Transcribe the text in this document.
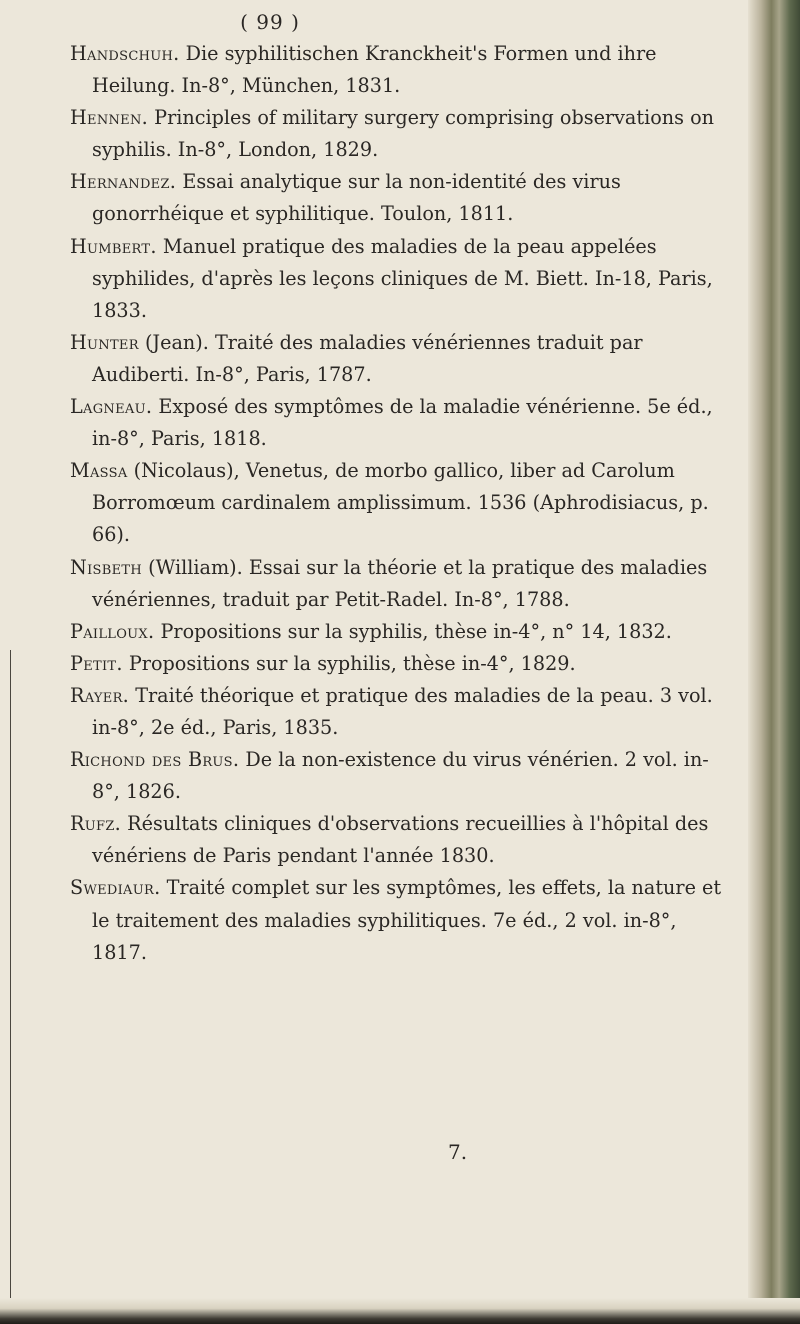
( 99 )

Handschuh. Die syphilitischen Kranckheit's Formen und ihre Heilung. In-8°, München, 1831.

Hennen. Principles of military surgery comprising observations on syphilis. In-8°, London, 1829.

Hernandez. Essai analytique sur la non-identité des virus gonorrhéique et syphilitique. Toulon, 1811.

Humbert. Manuel pratique des maladies de la peau appelées syphilides, d'après les leçons cliniques de M. Biett. In-18, Paris, 1833.

Hunter (Jean). Traité des maladies vénériennes traduit par Audiberti. In-8°, Paris, 1787.

Lagneau. Exposé des symptômes de la maladie vénérienne. 5e éd., in-8°, Paris, 1818.

Massa (Nicolaus), Venetus, de morbo gallico, liber ad Carolum Borromœum cardinalem amplissimum. 1536 (Aphrodisiacus, p. 66).

Nisbeth (William). Essai sur la théorie et la pratique des maladies vénériennes, traduit par Petit-Radel. In-8°, 1788.

Pailloux. Propositions sur la syphilis, thèse in-4°, n° 14, 1832.

Petit. Propositions sur la syphilis, thèse in-4°, 1829.

Rayer. Traité théorique et pratique des maladies de la peau. 3 vol. in-8°, 2e éd., Paris, 1835.

Richond des Brus. De la non-existence du virus vénérien. 2 vol. in-8°, 1826.

Rufz. Résultats cliniques d'observations recueillies à l'hôpital des vénériens de Paris pendant l'année 1830.

Swediaur. Traité complet sur les symptômes, les effets, la nature et le traitement des maladies syphilitiques. 7e éd., 2 vol. in-8°, 1817.

7.
